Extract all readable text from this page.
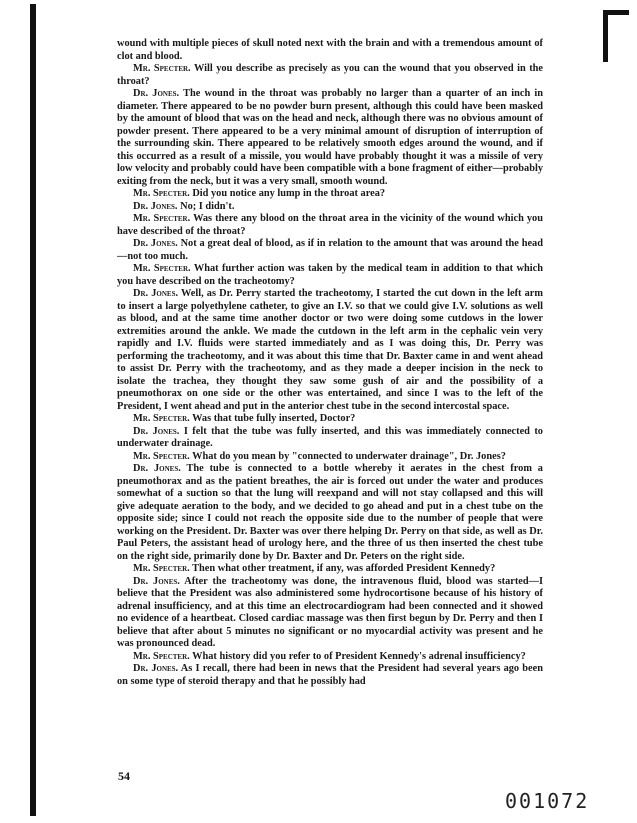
wound with multiple pieces of skull noted next with the brain and with a tremendous amount of clot and blood.

Mr. Specter. Will you describe as precisely as you can the wound that you observed in the throat?

Dr. Jones. The wound in the throat was probably no larger than a quarter of an inch in diameter. There appeared to be no powder burn present, although this could have been masked by the amount of blood that was on the head and neck, although there was no obvious amount of powder present. There appeared to be a very minimal amount of disruption of interruption of the surrounding skin. There appeared to be relatively smooth edges around the wound, and if this occurred as a result of a missile, you would have probably thought it was a missile of very low velocity and probably could have been compatible with a bone fragment of either—probably exiting from the neck, but it was a very small, smooth wound.

Mr. Specter. Did you notice any lump in the throat area?

Dr. Jones. No; I didn't.

Mr. Specter. Was there any blood on the throat area in the vicinity of the wound which you have described of the throat?

Dr. Jones. Not a great deal of blood, as if in relation to the amount that was around the head—not too much.

Mr. Specter. What further action was taken by the medical team in addition to that which you have described on the tracheotomy?

Dr. Jones. Well, as Dr. Perry started the tracheotomy, I started the cut down in the left arm to insert a large polyethylene catheter, to give an I.V. so that we could give I.V. solutions as well as blood, and at the same time another doctor or two were doing some cutdows in the lower extremities around the ankle. We made the cutdown in the left arm in the cephalic vein very rapidly and I.V. fluids were started immediately and as I was doing this, Dr. Perry was performing the tracheotomy, and it was about this time that Dr. Baxter came in and went ahead to assist Dr. Perry with the tracheotomy, and as they made a deeper incision in the neck to isolate the trachea, they thought they saw some gush of air and the possibility of a pneumothorax on one side or the other was entertained, and since I was to the left of the President, I went ahead and put in the anterior chest tube in the second intercostal space.

Mr. Specter. Was that tube fully inserted, Doctor?

Dr. Jones. I felt that the tube was fully inserted, and this was immediately connected to underwater drainage.

Mr. Specter. What do you mean by "connected to underwater drainage", Dr. Jones?

Dr. Jones. The tube is connected to a bottle whereby it aerates in the chest from a pneumothorax and as the patient breathes, the air is forced out under the water and produces somewhat of a suction so that the lung will reexpand and will not stay collapsed and this will give adequate aeration to the body, and we decided to go ahead and put in a chest tube on the opposite side; since I could not reach the opposite side due to the number of people that were working on the President. Dr. Baxter was over there helping Dr. Perry on that side, as well as Dr. Paul Peters, the assistant head of urology here, and the three of us then inserted the chest tube on the right side, primarily done by Dr. Baxter and Dr. Peters on the right side.

Mr. Specter. Then what other treatment, if any, was afforded President Kennedy?

Dr. Jones. After the tracheotomy was done, the intravenous fluid, blood was started—I believe that the President was also administered some hydrocortisone because of his history of adrenal insufficiency, and at this time an electrocardiogram had been connected and it showed no evidence of a heartbeat. Closed cardiac massage was then first begun by Dr. Perry and then I believe that after about 5 minutes no significant or no myocardial activity was present and he was pronounced dead.

Mr. Specter. What history did you refer to of President Kennedy's adrenal insufficiency?

Dr. Jones. As I recall, there had been in news that the President had several years ago been on some type of steroid therapy and that he possibly had

54
001072
